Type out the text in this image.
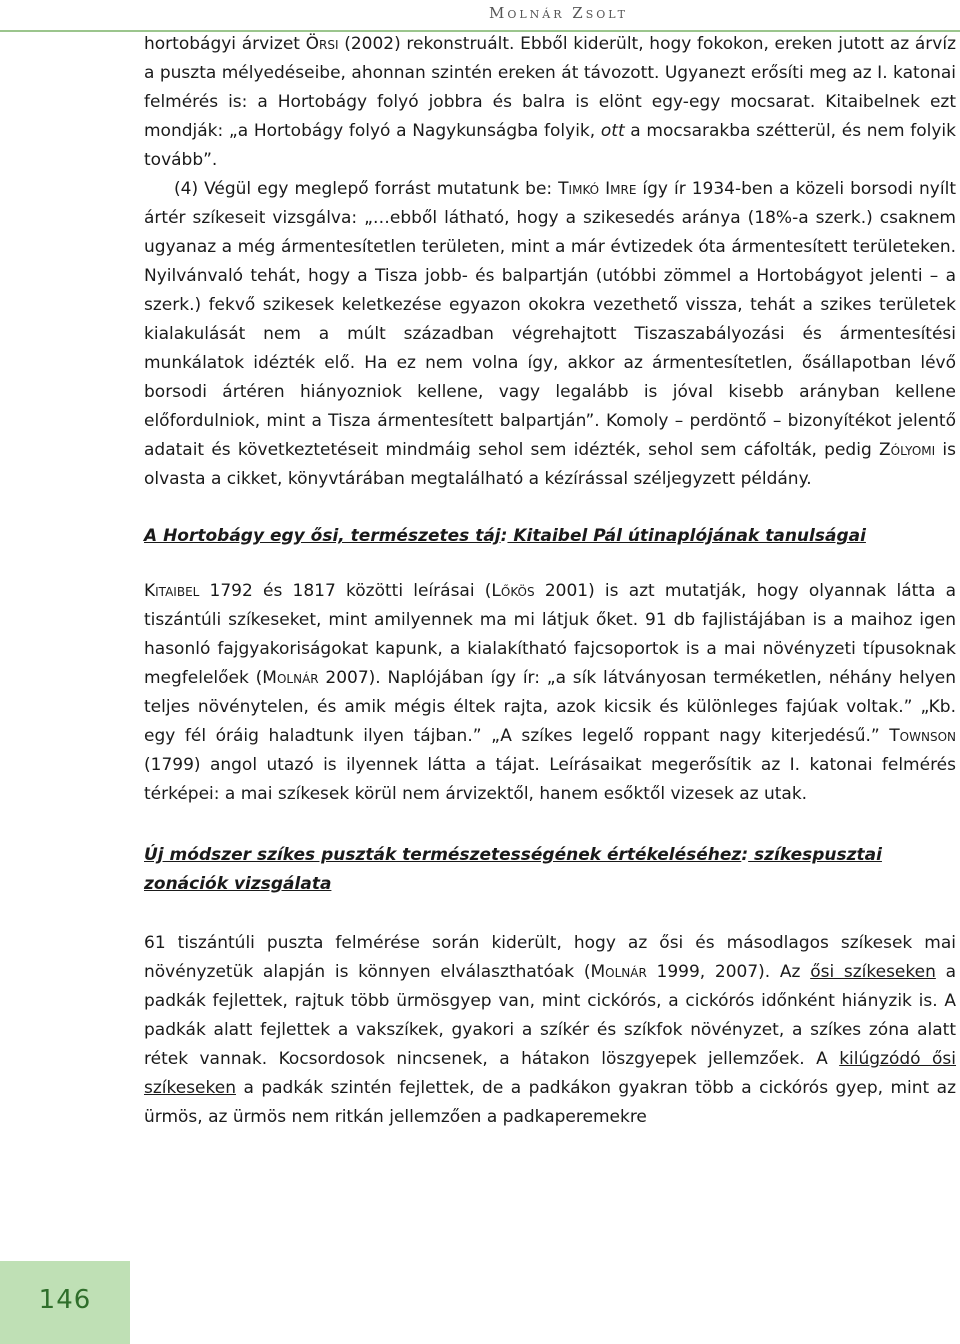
Molnár Zsolt

hortobágyi árvizet Örsi (2002) rekonstruált. Ebből kiderült, hogy fokokon, ereken jutott az árvíz a puszta mélyedéseibe, ahonnan szintén ereken át távozott. Ugyanezt erősíti meg az I. katonai felmérés is: a Hortobágy folyó jobbra és balra is elönt egy-egy mocsarat. Kitaibelnek ezt mondják: „a Hortobágy folyó a Nagykunságba folyik, ott a mocsarakba szétterül, és nem folyik tovább”.

(4) Végül egy meglepő forrást mutatunk be: Timkó Imre így ír 1934-ben a közeli borsodi nyílt ártér szíkeseit vizsgálva: „…ebből látható, hogy a szikesedés aránya (18%-a szerk.) csaknem ugyanaz a még ármentesítetlen területen, mint a már évtizedek óta ármentesített területeken. Nyilvánvaló tehát, hogy a Tisza jobb- és balpartján (utóbbi zömmel a Hortobágyot jelenti – a szerk.) fekvő szikesek keletkezése egyazon okokra vezethető vissza, tehát a szikes területek kialakulását nem a múlt században végrehajtott Tiszaszabályozási és ármentesítési munkálatok idézték elő. Ha ez nem volna így, akkor az ármentesítetlen, ősállapotban lévő borsodi ártéren hiányozniok kellene, vagy legalább is jóval kisebb arányban kellene előfordulniok, mint a Tisza ármentesített balpartján”. Komoly – perdöntő – bizonyítékot jelentő adatait és következtetéseit mindmáig sehol sem idézték, sehol sem cáfolták, pedig Zólyomi is olvasta a cikket, könyvtárában megtalálható a kézírással széljegyzett példány.

A Hortobágy egy ősi, természetes táj: Kitaibel Pál útinaplójának tanulságai

Kitaibel 1792 és 1817 közötti leírásai (Lőkös 2001) is azt mutatják, hogy olyannak látta a tiszántúli szíkeseket, mint amilyennek ma mi látjuk őket. 91 db fajlistájában is a maihoz igen hasonló fajgyakoriságokat kapunk, a kialakítható fajcsoportok is a mai növényzeti típusoknak megfelelőek (Molnár 2007). Naplójában így ír: „a sík látványosan terméketlen, néhány helyen teljes növénytelen, és amik mégis éltek rajta, azok kicsik és különleges fajúak voltak.” „Kb. egy fél óráig haladtunk ilyen tájban.” „A szíkes legelő roppant nagy kiterjedésű.” Townson (1799) angol utazó is ilyennek látta a tájat. Leírásaikat megerősítik az I. katonai felmérés térképei: a mai szíkesek körül nem árvizektől, hanem esőktől vizesek az utak.

Új módszer szíkes puszták természetességének értékeléséhez: szíkespusztai zonációk vizsgálata

61 tiszántúli puszta felmérése során kiderült, hogy az ősi és másodlagos szíkesek mai növényzetük alapján is könnyen elválaszthatóak (Molnár 1999, 2007). Az ősi szíkeseken a padkák fejlettek, rajtuk több ürmösgyep van, mint cickórós, a cickórós időnként hiányzik is. A padkák alatt fejlettek a vakszíkek, gyakori a szíkér és szíkfok növényzet, a szíkes zóna alatt rétek vannak. Kocsordosok nincsenek, a hátakon löszgyepek jellemzőek. A kilúgzódó ősi szíkeseken a padkák szintén fejlettek, de a padkákon gyakran több a cickórós gyep, mint az ürmös, az ürmös nem ritkán jellemzően a padkaperemekre

146
